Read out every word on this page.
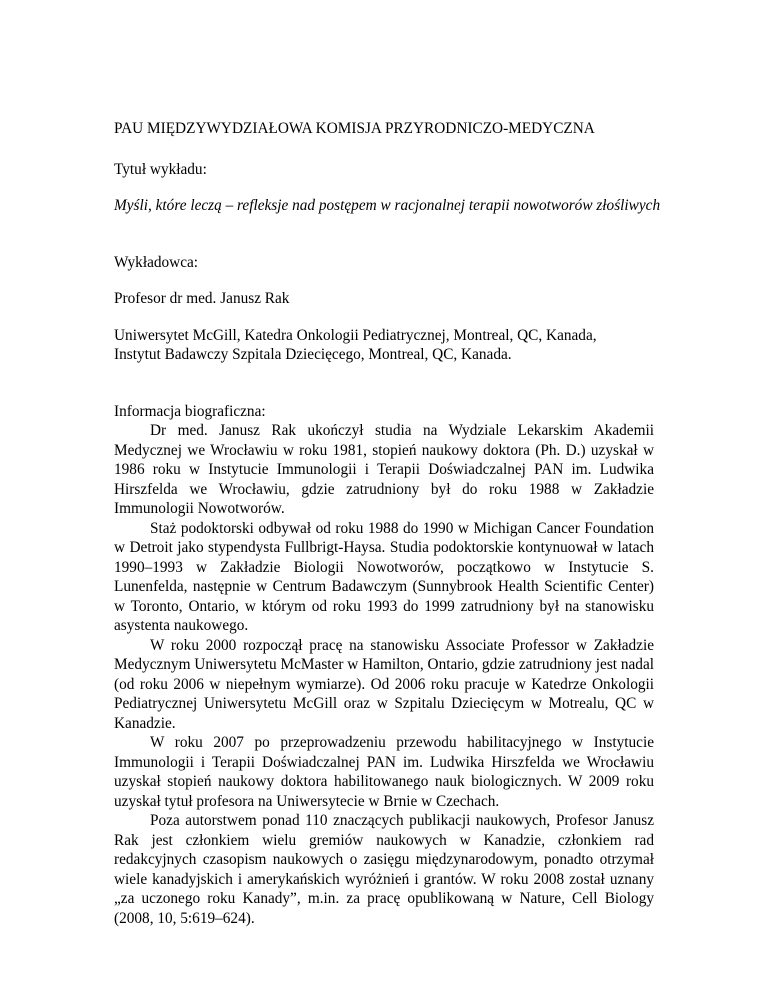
PAU MIĘDZYWYDZIAŁOWA KOMISJA PRZYRODNICZO-MEDYCZNA
Tytuł wykładu:
Myśli, które leczą – refleksje nad postępem w racjonalnej terapii nowotworów złośliwych
Wykładowca:
Profesor dr med. Janusz Rak
Uniwersytet McGill, Katedra Onkologii Pediatrycznej, Montreal, QC, Kanada,
Instytut Badawczy Szpitala Dziecięcego, Montreal, QC, Kanada.
Informacja biograficzna:

Dr med. Janusz Rak ukończył studia na Wydziale Lekarskim Akademii Medycznej we Wrocławiu w roku 1981, stopień naukowy doktora (Ph. D.) uzyskał w 1986 roku w Instytucie Immunologii i Terapii Doświadczalnej PAN im. Ludwika Hirszfelda we Wrocławiu, gdzie zatrudniony był do roku 1988 w Zakładzie Immunologii Nowotworów.

Staż podoktorski odbywał od roku 1988 do 1990 w Michigan Cancer Foundation w Detroit jako stypendysta Fullbrigt-Haysa. Studia podoktorskie kontynuował w latach 1990–1993 w Zakładzie Biologii Nowotworów, początkowo w Instytucie S. Lunenfelda, następnie w Centrum Badawczym (Sunnybrook Health Scientific Center) w Toronto, Ontario, w którym od roku 1993 do 1999 zatrudniony był na stanowisku asystenta naukowego.

W roku 2000 rozpoczął pracę na stanowisku Associate Professor w Zakładzie Medycznym Uniwersytetu McMaster w Hamilton, Ontario, gdzie zatrudniony jest nadal (od roku 2006 w niepełnym wymiarze). Od 2006 roku pracuje w Katedrze Onkologii Pediatrycznej Uniwersytetu McGill oraz w Szpitalu Dziecięcym w Motrealu, QC w Kanadzie.

W roku 2007 po przeprowadzeniu przewodu habilitacyjnego w Instytucie Immunologii i Terapii Doświadczalnej PAN im. Ludwika Hirszfelda we Wrocławiu uzyskał stopień naukowy doktora habilitowanego nauk biologicznych. W 2009 roku uzyskał tytuł profesora na Uniwersytecie w Brnie w Czechach.

Poza autorstwem ponad 110 znaczących publikacji naukowych, Profesor Janusz Rak jest członkiem wielu gremiów naukowych w Kanadzie, członkiem rad redakcyjnych czasopism naukowych o zasięgu międzynarodowym, ponadto otrzymał wiele kanadyjskich i amerykańskich wyróżnień i grantów. W roku 2008 został uznany „za uczonego roku Kanady”, m.in. za pracę opublikowaną w Nature, Cell Biology (2008, 10, 5:619–624).
